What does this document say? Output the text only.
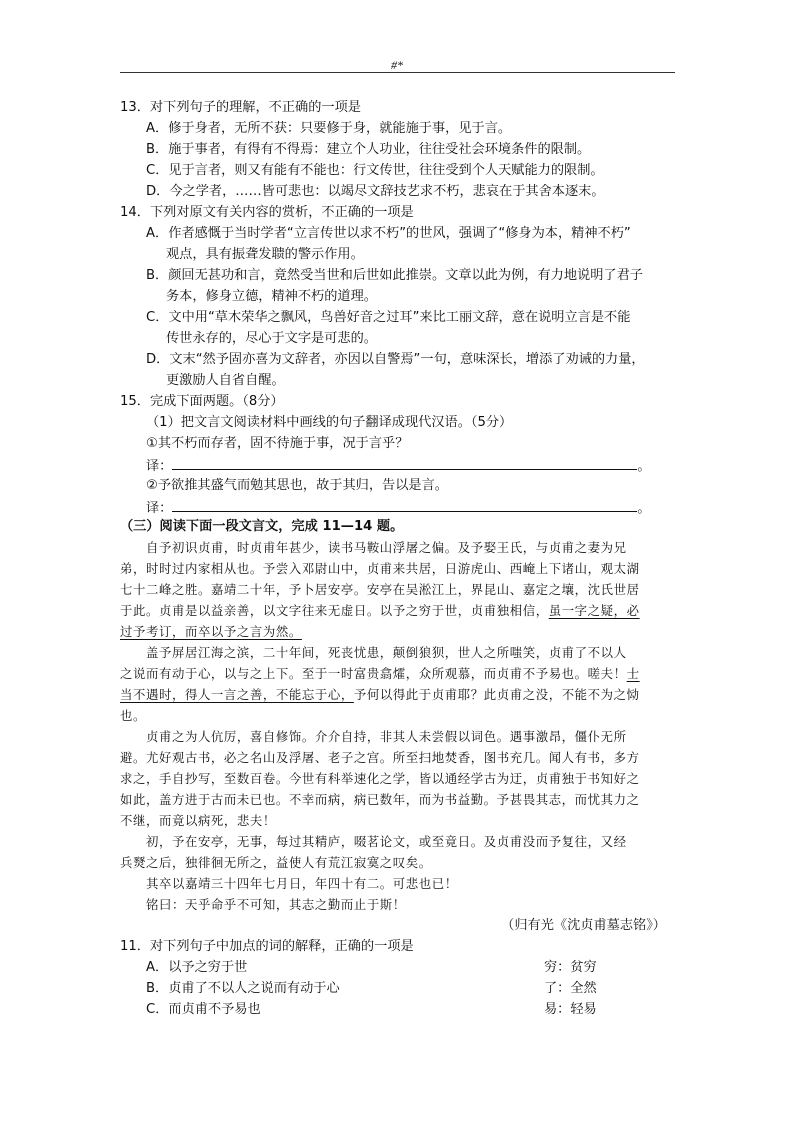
#*
13．对下列句子的理解，不正确的一项是
A．修于身者，无所不获：只要修于身，就能施于事，见于言。
B．施于事者，有得有不得焉：建立个人功业，往往受社会环境条件的限制。
C．见于言者，则又有能有不能也：行文传世，往往受到个人天赋能力的限制。
D．今之学者，……皆可悲也：以竭尽文辞技艺求不朽，悲哀在于其舍本逐末。
14．下列对原文有关内容的赏析，不正确的一项是
A．作者感慨于当时学者“立言传世以求不朽”的世风，强调了“修身为本，精神不朽”
观点，具有振聋发聩的警示作用。
B．颜回无甚功和言，竟然受当世和后世如此推崇。文章以此为例，有力地说明了君子
务本，修身立德，精神不朽的道理。
C．文中用“草木荣华之飘风，鸟兽好音之过耳”来比工丽文辞，意在说明立言是不能
传世永存的，尽心于文字是可悲的。
D．文末“然予固亦喜为文辞者，亦因以自警焉”一句，意味深长，增添了劝诫的力量，
更激励人自省自醒。
15．完成下面两题。（8分）
（1）把文言文阅读材料中画线的句子翻译成现代汉语。（5分）
①其不朽而存者，固不待施于事，况于言乎？
译：	。
②予欲推其盛气而勉其思也，故于其归，告以是言。
译：	。
（三）阅读下面一段文言文，完成 11—14 题。
　　自予初识贞甫，时贞甫年甚少，读书马鞍山浮屠之偏。及予娶王氏，与贞甫之妻为兄
弟，时时过内家相从也。予尝入邓尉山中，贞甫来共居，日游虎山、西崦上下诸山，观太湖
七十二峰之胜。嘉靖二十年，予卜居安亭。安亭在吴淞江上，界昆山、嘉定之壤，沈氏世居
于此。贞甫是以益亲善，以文字往来无虚日。以予之穷于世，贞甫独相信，虽一字之疑，必
过予考订，而卒以予之言为然。
　　盖予屏居江海之滨，二十年间，死丧忧患，颠倒狼狈，世人之所嗤笑，贞甫了不以人
之说而有动于心，以与之上下。至于一时富贵翕㸌，众所观慕，而贞甫不予易也。嗟夫！士
当不遇时，得人一言之善，不能忘于心，予何以得此于贞甫耶？此贞甫之没，不能不为之恸
也。
　　贞甫之为人伉厉，喜自修饰。介介自持，非其人未尝假以词色。遇事激昂，僵仆无所
避。尤好观古书，必之名山及浮屠、老子之宫。所至扫地焚香，图书充几。闻人有书，多方
求之，手自抄写，至数百卷。今世有科举速化之学，皆以通经学古为迂，贞甫独于书知好之
如此，盖方进于古而未已也。不幸而病，病已数年，而为书益勤。予甚畏其志，而忧其力之
不继，而竟以病死，悲夫！
　　初，予在安亭，无事，每过其精庐，啜茗论文，或至竟日。及贞甫没而予复往，又经
兵燹之后，独徘徊无所之，益使人有荒江寂寞之叹矣。
　　其卒以嘉靖三十四年七月日，年四十有二。可悲也已！
　　铭曰：天乎命乎不可知，其志之勤而止于斯！
（归有光《沈贞甫墓志铭》）
11．对下列句子中加点的词的解释，正确的一项是
A．以予之穷于世	穷：贫穷
B．贞甫了不以人之说而有动于心	了：全然
C．而贞甫不予易也	易：轻易
